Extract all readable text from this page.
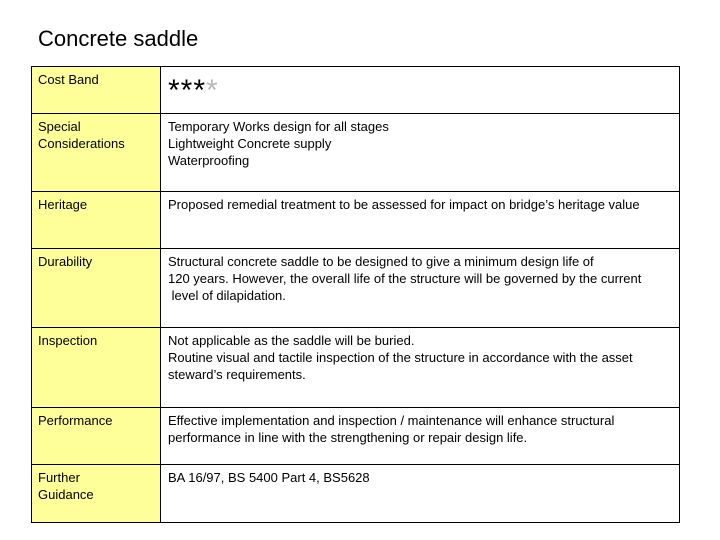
Concrete saddle
Cost Band	****

Special
Considerations	Temporary Works design for all stages
Lightweight Concrete supply
Waterproofing

Heritage	Proposed remedial treatment to be assessed for impact on bridge’s heritage value

Durability	Structural concrete saddle to be designed to give a minimum design life of
120 years. However, the overall life of the structure will be governed by the current
level of dilapidation.

Inspection	Not applicable as the saddle will be buried.
Routine visual and tactile inspection of the structure in accordance with the asset
steward’s requirements.

Performance	Effective implementation and inspection / maintenance will enhance structural
performance in line with the strengthening or repair design life.

Further
Guidance	BA 16/97, BS 5400 Part 4, BS5628
